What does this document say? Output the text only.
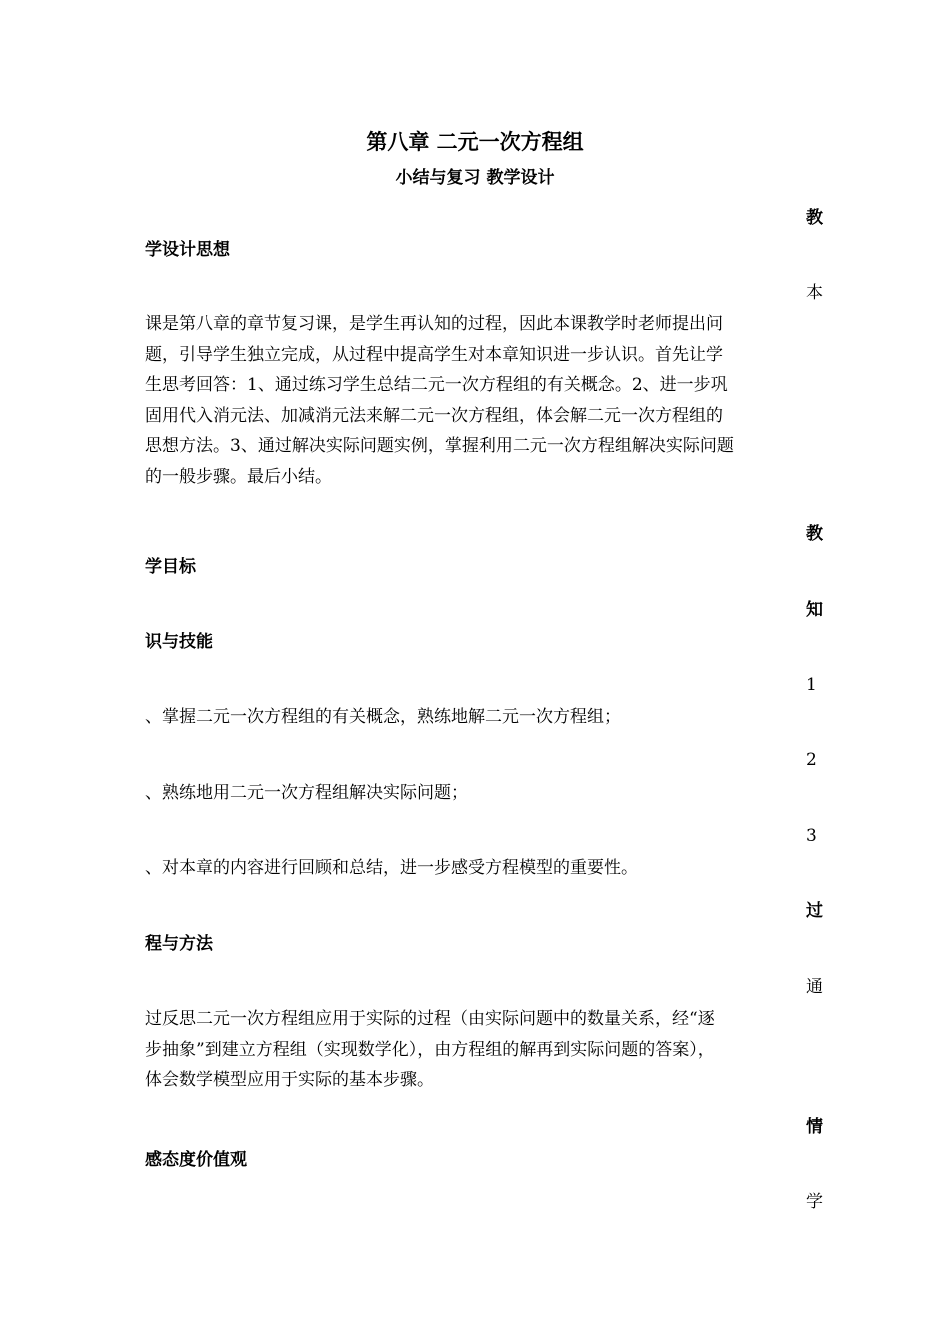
第八章 二元一次方程组
小结与复习 教学设计
教
学设计思想
本
课是第八章的章节复习课，是学生再认知的过程，因此本课教学时老师提出问
题，引导学生独立完成，从过程中提高学生对本章知识进一步认识。首先让学
生思考回答：1、通过练习学生总结二元一次方程组的有关概念。2、进一步巩
固用代入消元法、加减消元法来解二元一次方程组，体会解二元一次方程组的
思想方法。3、通过解决实际问题实例，掌握利用二元一次方程组解决实际问题
的一般步骤。最后小结。
教
学目标
知
识与技能
1
、掌握二元一次方程组的有关概念，熟练地解二元一次方程组；
2
、熟练地用二元一次方程组解决实际问题；
3
、对本章的内容进行回顾和总结，进一步感受方程模型的重要性。
过
程与方法
通
过反思二元一次方程组应用于实际的过程（由实际问题中的数量关系，经“逐
步抽象”到建立方程组（实现数学化），由方程组的解再到实际问题的答案），
体会数学模型应用于实际的基本步骤。
情
感态度价值观
学
